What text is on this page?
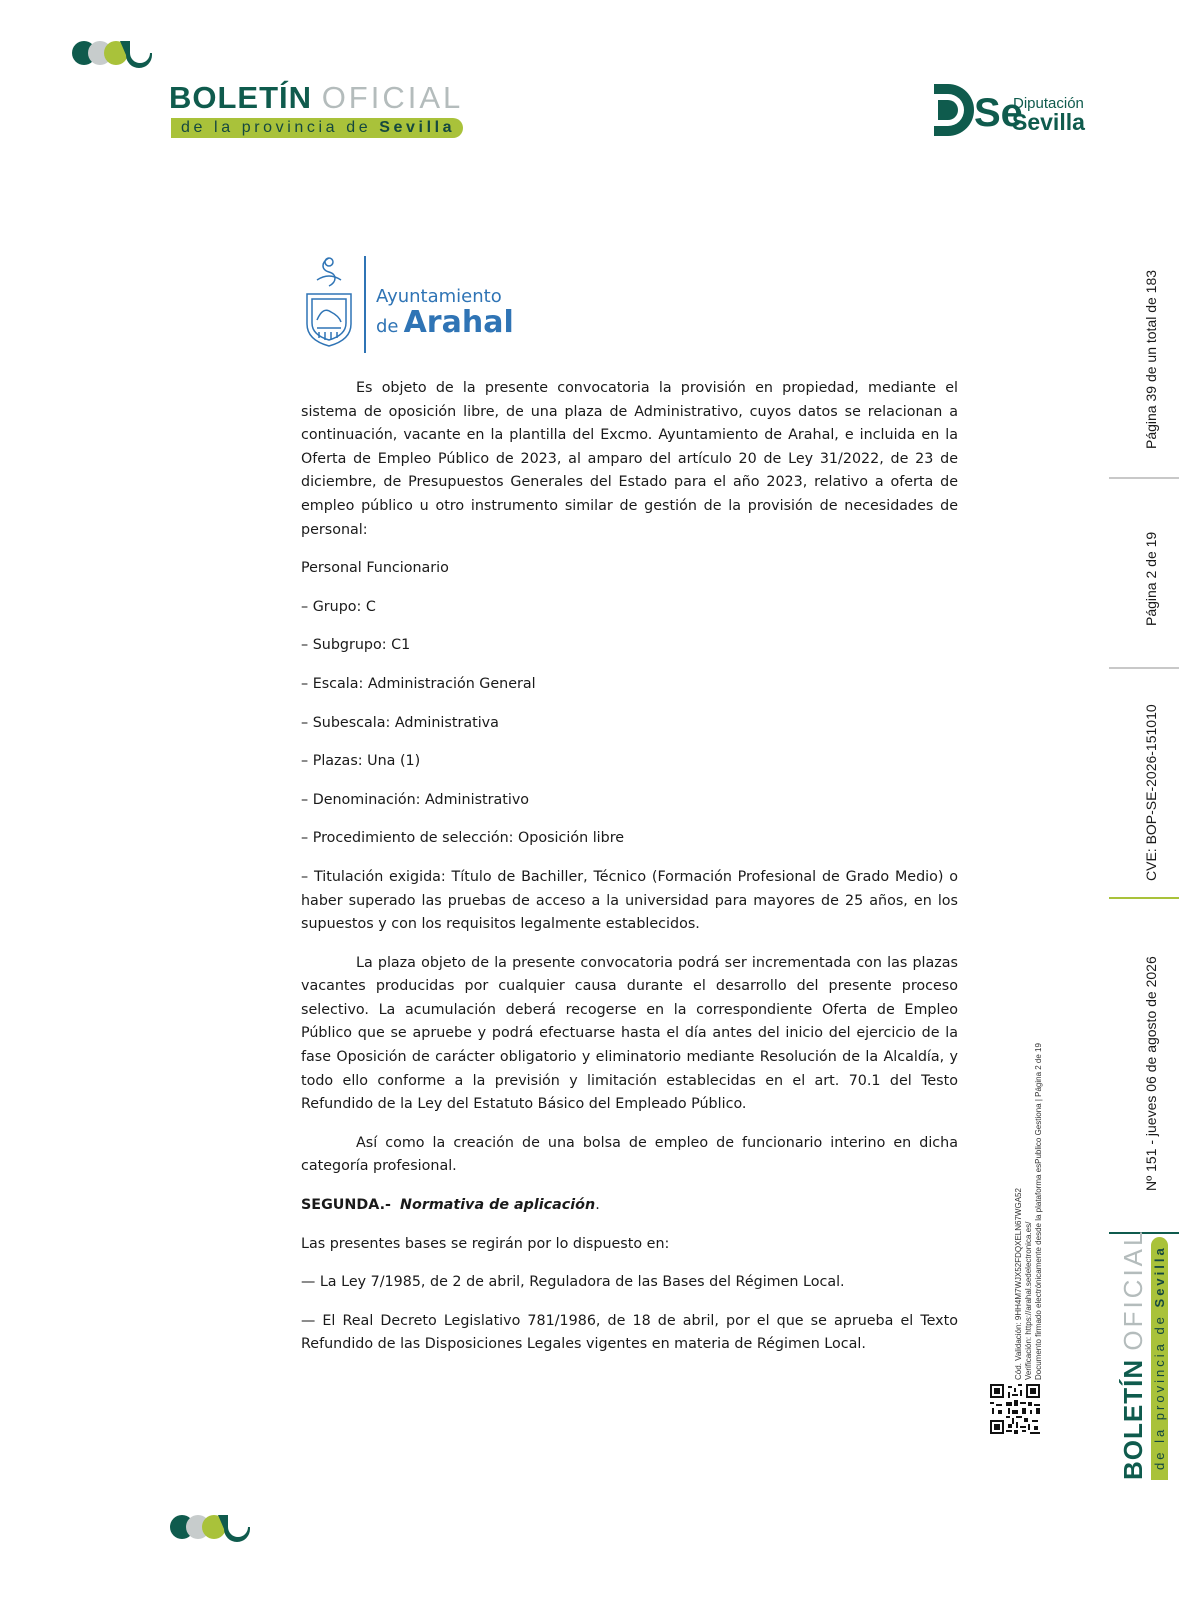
BOLETÍN OFICIAL
de la provincia de Sevilla	Se
Diputación
Sevilla
Ayuntamiento
de Arahal

Es objeto de la presente convocatoria la provisión en propiedad, mediante el sistema de oposición libre, de una plaza de Administrativo, cuyos datos se relacionan a continuación, vacante en la plantilla del Excmo. Ayuntamiento de Arahal, e incluida en la Oferta de Empleo Público de 2023, al amparo del artículo 20 de Ley 31/2022, de 23 de diciembre, de Presupuestos Generales del Estado para el año 2023, relativo a oferta de empleo público u otro instrumento similar de gestión de la provisión de necesidades de personal:

Personal Funcionario

– Grupo: C

– Subgrupo: C1

– Escala: Administración General

– Subescala: Administrativa

– Plazas: Una (1)

– Denominación: Administrativo

– Procedimiento de selección: Oposición libre

– Titulación exigida: Título de Bachiller, Técnico (Formación Profesional de Grado Medio) o haber superado las pruebas de acceso a la universidad para mayores de 25 años, en los supuestos y con los requisitos legalmente establecidos.

La plaza objeto de la presente convocatoria podrá ser incrementada con las plazas vacantes producidas por cualquier causa durante el desarrollo del presente proceso selectivo. La acumulación deberá recogerse en la correspondiente Oferta de Empleo Público que se apruebe y podrá efectuarse hasta el día antes del inicio del ejercicio de la fase Oposición de carácter obligatorio y eliminatorio mediante Resolución de la Alcaldía, y todo ello conforme a la previsión y limitación establecidas en el art. 70.1 del Testo Refundido de la Ley del Estatuto Básico del Empleado Público.

Así como la creación de una bolsa de empleo de funcionario interino en dicha categoría profesional.

SEGUNDA.- Normativa de aplicación.

Las presentes bases se regirán por lo dispuesto en:

— La Ley 7/1985, de 2 de abril, Reguladora de las Bases del Régimen Local.

— El Real Decreto Legislativo 781/1986, de 18 de abril, por el que se aprueba el Texto Refundido de las Disposiciones Legales vigentes en materia de Régimen Local.

Página 39 de un total de 183
Página 2 de 19
CVE: BOP-SE-2026-151010
Nº 151 - jueves 06 de agosto de 2026
BOLETÍN OFICIAL
de la provincia de Sevilla
Cód. Validación: 9HH4M7WJX52FDQXELN67WGA52 Verificación: https://arahal.sedelectronica.es/ Documento firmado electrónicamente desde la plataforma esPublico Gestiona | Página 2 de 19
